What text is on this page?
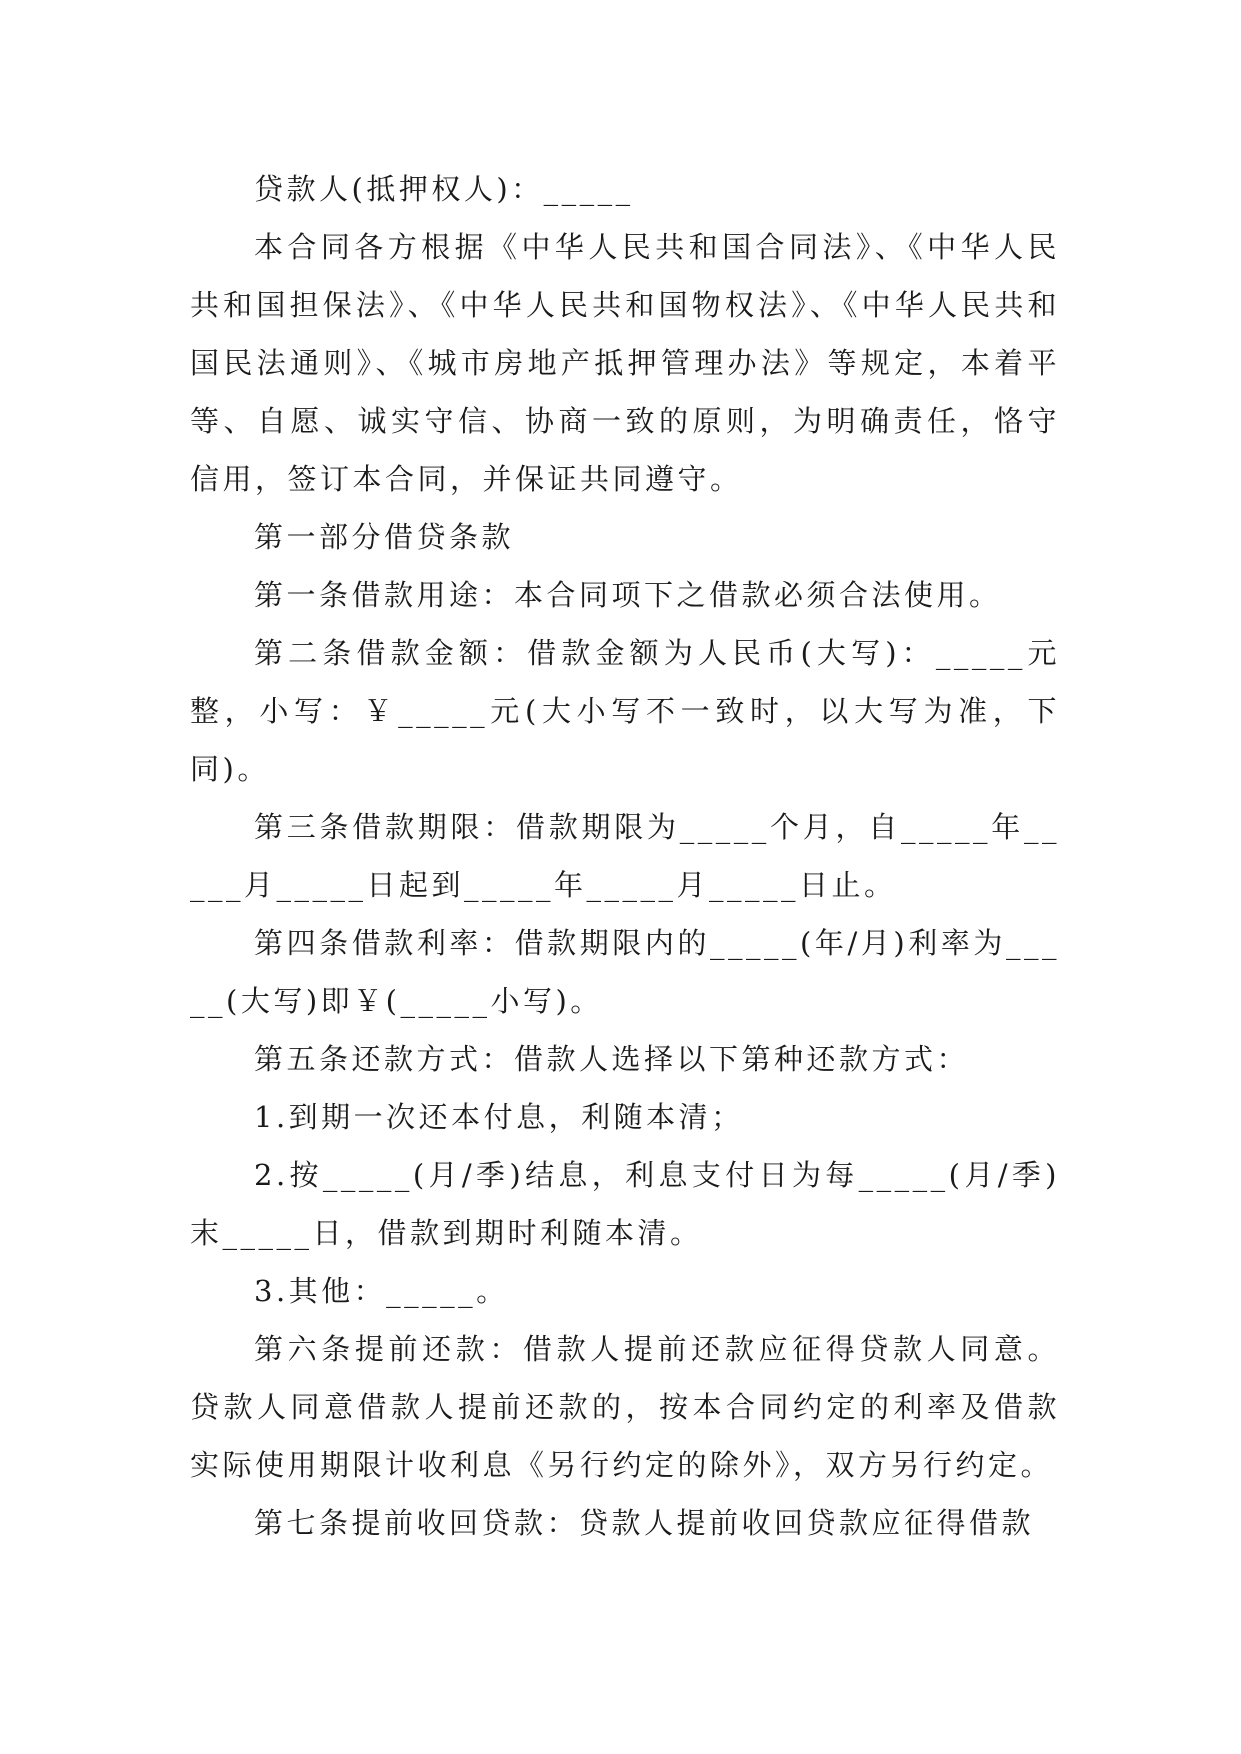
贷款人(抵押权人)：_____

本合同各方根据《中华人民共和国合同法》、《中华人民共和国担保法》、《中华人民共和国物权法》、《中华人民共和国民法通则》、《城市房地产抵押管理办法》等规定，本着平等、自愿、诚实守信、协商一致的原则，为明确责任，恪守信用，签订本合同，并保证共同遵守。

第一部分借贷条款

第一条借款用途：本合同项下之借款必须合法使用。

第二条借款金额：借款金额为人民币(大写)：_____元整，小写：￥_____元(大小写不一致时，以大写为准，下同)。

第三条借款期限：借款期限为_____个月，自_____年_____月_____日起到_____年_____月_____日止。

第四条借款利率：借款期限内的_____(年/月)利率为_____(大写)即￥(_____小写)。

第五条还款方式：借款人选择以下第种还款方式：

1.到期一次还本付息，利随本清；

2.按_____(月/季)结息，利息支付日为每_____(月/季)末_____日，借款到期时利随本清。

3.其他：_____。

第六条提前还款：借款人提前还款应征得贷款人同意。贷款人同意借款人提前还款的，按本合同约定的利率及借款实际使用期限计收利息《另行约定的除外》，双方另行约定。

第七条提前收回贷款：贷款人提前收回贷款应征得借款
